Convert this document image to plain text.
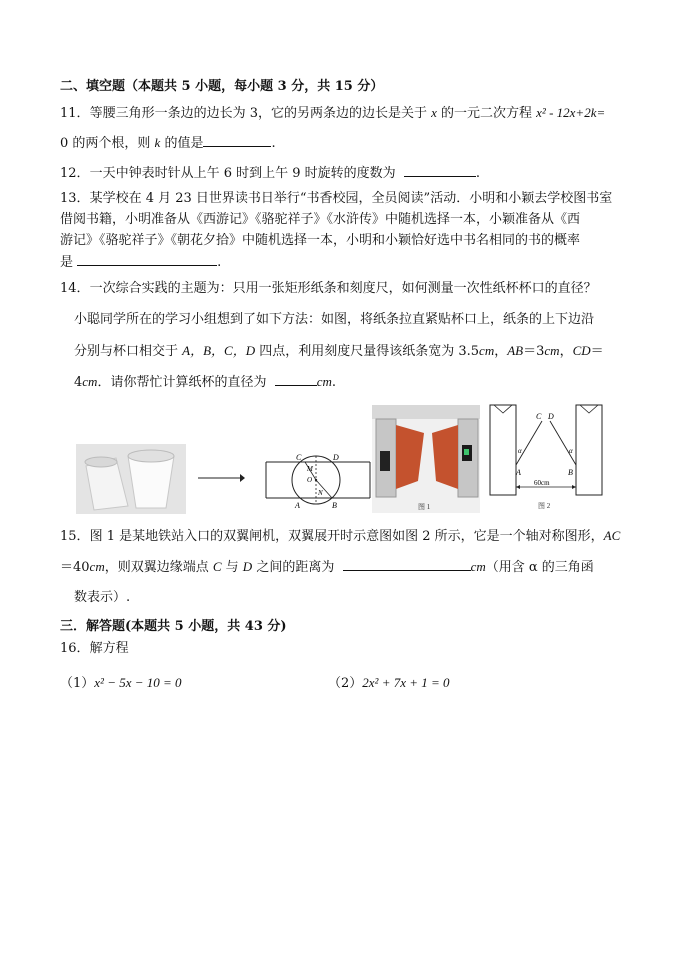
二、填空题（本题共 5 小题，每小题 3 分，共 15 分）
11．等腰三角形一条边的边长为 3，它的另两条边的边长是关于 x 的一元二次方程 x² - 12x+2k=
0 的两个根，则 k 的值是	.
12．一天中钟表时针从上午 6 时到上午 9 时旋转的度数为	.
13．某学校在 4 月 23 日世界读书日举行“书香校园，全员阅读”活动．小明和小颖去学校图书室
借阅书籍，小明准备从《西游记》《骆驼祥子》《水浒传》中随机选择一本，小颖准备从《西
游记》《骆驼祥子》《朝花夕拾》中随机选择一本，小明和小颖恰好选中书名相同的书的概率
是	.
14．一次综合实践的主题为：只用一张矩形纸条和刻度尺，如何测量一次性纸杯杯口的直径？
小聪同学所在的学习小组想到了如下方法：如图，将纸条拉直紧贴杯口上，纸条的上下边沿
分别与杯口相交于 A，B，C，D 四点，利用刻度尺量得该纸条宽为 3.5cm，AB＝3cm，CD＝
4cm．请你帮忙计算纸杯的直径为	cm.
C	D
M
O
N
A	B	图 1
C D
α	α
A	B
60cm
图 2
15．图 1 是某地铁站入口的双翼闸机，双翼展开时示意图如图 2 所示，它是一个轴对称图形，AC
＝40cm，则双翼边缘端点 C 与 D 之间的距离为	cm（用含 α 的三角函
数表示）.
三．解答题(本题共 5 小题，共 43 分)
16．解方程
（1）x² − 5x − 10 = 0	（2）2x² + 7x + 1 = 0
